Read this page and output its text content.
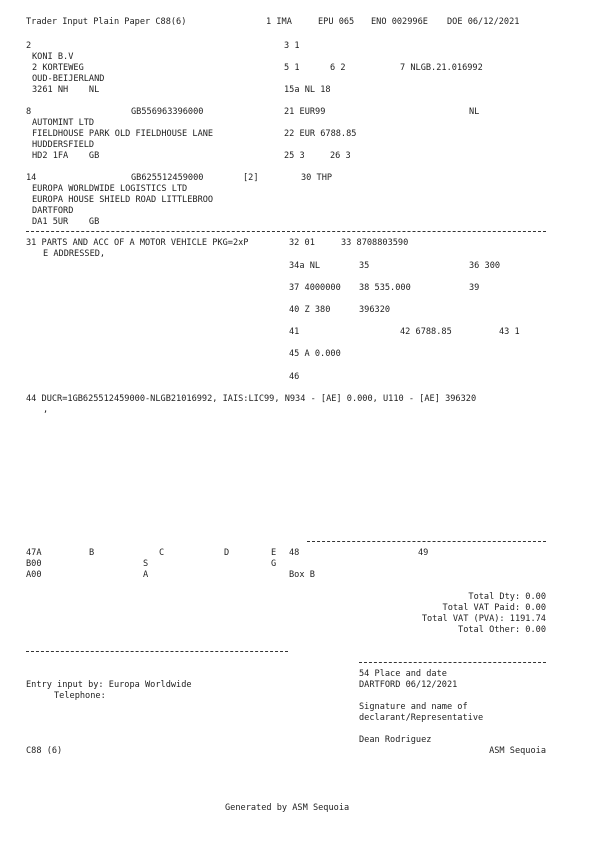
Trader Input Plain Paper C88(6)	1 IMA	EPU 065 ENO 002996E DOE 06/12/2021
2
KONI B.V
2 KORTEWEG
OUD-BEIJERLAND
3261 NH    NL
3 1
5 1	6 2	7 NLGB.21.016992
15a NL 18
8	GB556963396000
AUTOMINT LTD
FIELDHOUSE PARK OLD FIELDHOUSE LANE
HUDDERSFIELD
HD2 1FA    GB
21 EUR99	NL
22 EUR 6788.85
25 3	26 3
14	GB625512459000	[2]
EUROPA WORLDWIDE LOGISTICS LTD
EUROPA HOUSE SHIELD ROAD LITTLEBROO
DARTFORD
DA1 5UR    GB
30 THP
31 PARTS AND ACC OF A MOTOR VEHICLE PKG=2xP
E ADDRESSED,
32 01	33 8708803590
34a NL	35	36 300
37 4000000 38 535.000	39
40 Z 380	396320
41	42 6788.85	43 1
45 A 0.000
46
44 DUCR=1GB625512459000-NLGB21016992, IAIS:LIC99, N934 - [AE] 0.000, U110 - [AE] 396320
,
47A	B	C	D	E 48	49
B00	S	G
A00	A	Box B
Total Dty: 0.00
Total VAT Paid: 0.00
Total VAT (PVA): 1191.74
Total Other: 0.00
54 Place and date
Entry input by: Europa Worldwide	DARTFORD 06/12/2021
Telephone:
Signature and name of
declarant/Representative
Dean Rodriguez
C88 (6)	ASM Sequoia
Generated by ASM Sequoia
